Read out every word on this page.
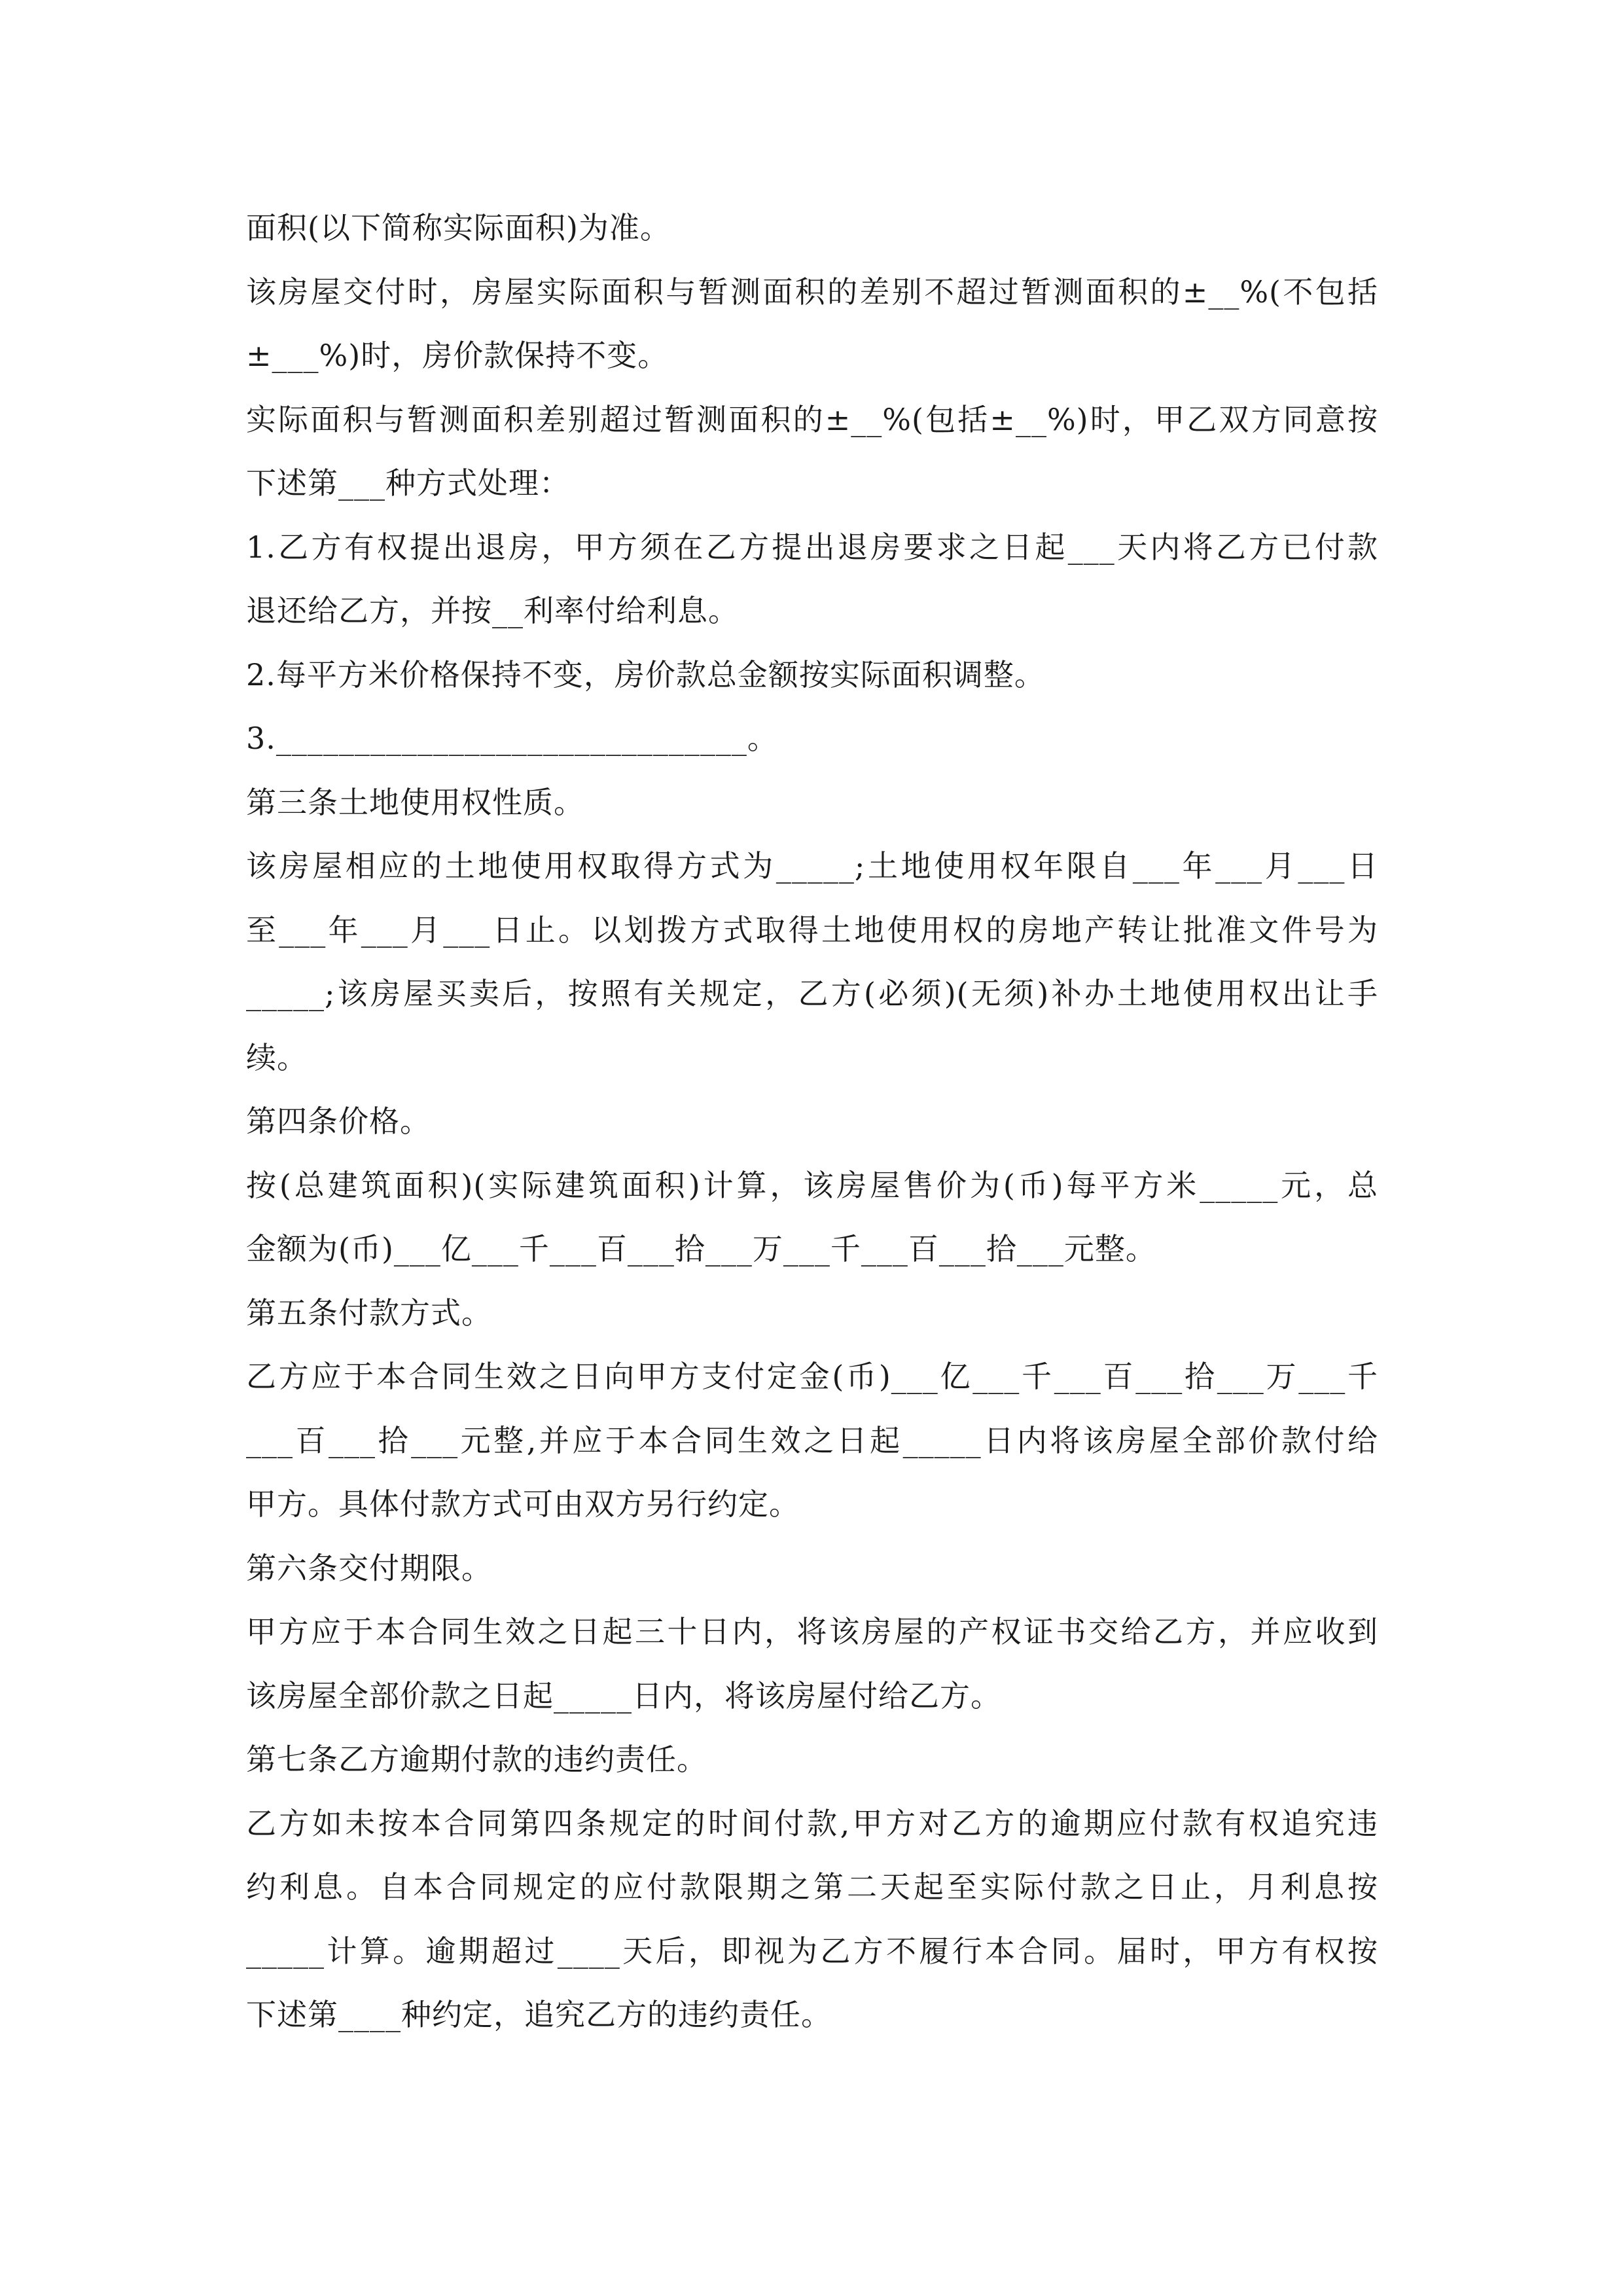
面积(以下简称实际面积)为准。
该房屋交付时，房屋实际面积与暂测面积的差别不超过暂测面积的±__%(不包括
±___%)时，房价款保持不变。
实际面积与暂测面积差别超过暂测面积的±__%(包括±__%)时，甲乙双方同意按
下述第___种方式处理：
1.乙方有权提出退房，甲方须在乙方提出退房要求之日起___天内将乙方已付款
退还给乙方，并按__利率付给利息。
2.每平方米价格保持不变，房价款总金额按实际面积调整。
3.______________________________。
第三条土地使用权性质。
该房屋相应的土地使用权取得方式为_____;土地使用权年限自___年___月___日
至___年___月___日止。以划拨方式取得土地使用权的房地产转让批准文件号为
_____;该房屋买卖后，按照有关规定，乙方(必须)(无须)补办土地使用权出让手
续。
第四条价格。
按(总建筑面积)(实际建筑面积)计算，该房屋售价为(币)每平方米_____元，总
金额为(币)___亿___千___百___拾___万___千___百___拾___元整。
第五条付款方式。
乙方应于本合同生效之日向甲方支付定金(币)___亿___千___百___拾___万___千
___百___拾___元整,并应于本合同生效之日起_____日内将该房屋全部价款付给
甲方。具体付款方式可由双方另行约定。
第六条交付期限。
甲方应于本合同生效之日起三十日内，将该房屋的产权证书交给乙方，并应收到
该房屋全部价款之日起_____日内，将该房屋付给乙方。
第七条乙方逾期付款的违约责任。
乙方如未按本合同第四条规定的时间付款,甲方对乙方的逾期应付款有权追究违
约利息。自本合同规定的应付款限期之第二天起至实际付款之日止，月利息按
_____计算。逾期超过____天后，即视为乙方不履行本合同。届时，甲方有权按
下述第____种约定，追究乙方的违约责任。
